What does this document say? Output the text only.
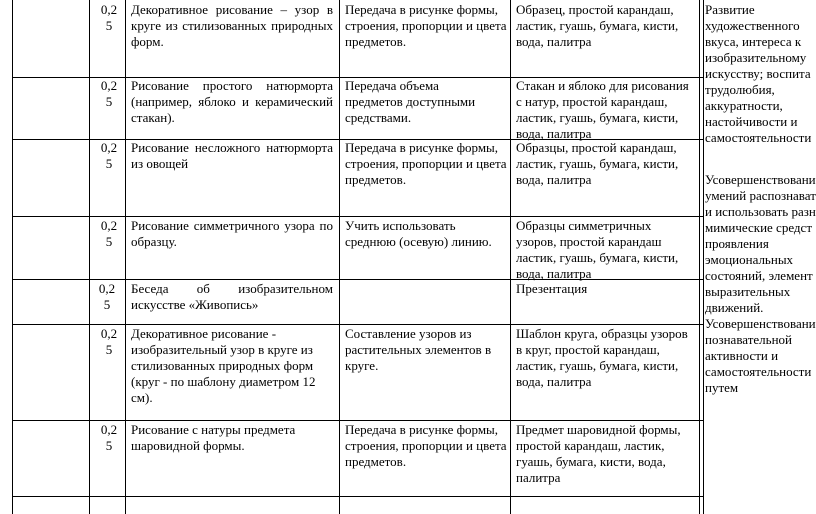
0,2
5
Декоративное рисование – узор в круге из стилизованных природных форм.
Передача в рисунке формы, строения, пропорции и цвета предметов.
Образец, простой карандаш, ластик, гуашь, бумага, кисти, вода, палитра
0,2
5
Рисование простого натюрморта (например, яблоко и керамический стакан).
Передача объема предметов доступными средствами.
Стакан и яблоко для рисования с натур, простой карандаш, ластик, гуашь, бумага, кисти, вода, палитра
0,2
5
Рисование несложного натюрморта из овощей
Передача в рисунке формы, строения, пропорции и цвета предметов.
Образцы, простой карандаш, ластик, гуашь, бумага, кисти, вода, палитра
0,2
5
Рисование симметричного узора по образцу.
Учить использовать среднюю (осевую) линию.
Образцы симметричных узоров, простой карандаш ластик, гуашь, бумага, кисти, вода, палитра
0,2
5
Беседа об изобразительном искусстве «Живопись»
Презентация
0,2
5
Декоративное рисование - изобразительный узор в круге из стилизованных природных форм (круг - по шаблону диаметром 12 см).
Составление узоров из растительных элементов в круге.
Шаблон круга, образцы узоров в круг, простой карандаш, ластик, гуашь, бумага, кисти, вода, палитра
0,2
5
Рисование с натуры предмета шаровидной формы.
Передача в рисунке формы, строения, пропорции и цвета предметов.
Предмет шаровидной формы, простой карандаш, ластик, гуашь, бумага, кисти, вода, палитра
Развитие
художественного
вкуса, интереса к
изобразительному
искусству; воспита
трудолюбия,
аккуратности,
настойчивости и
самостоятельности
Усовершенствовани
умений распознават
и использовать разн
мимические средст
проявления
эмоциональных
состояний, элемент
выразительных
движений.
Усовершенствовани
познавательной
активности и
самостоятельности
путем
